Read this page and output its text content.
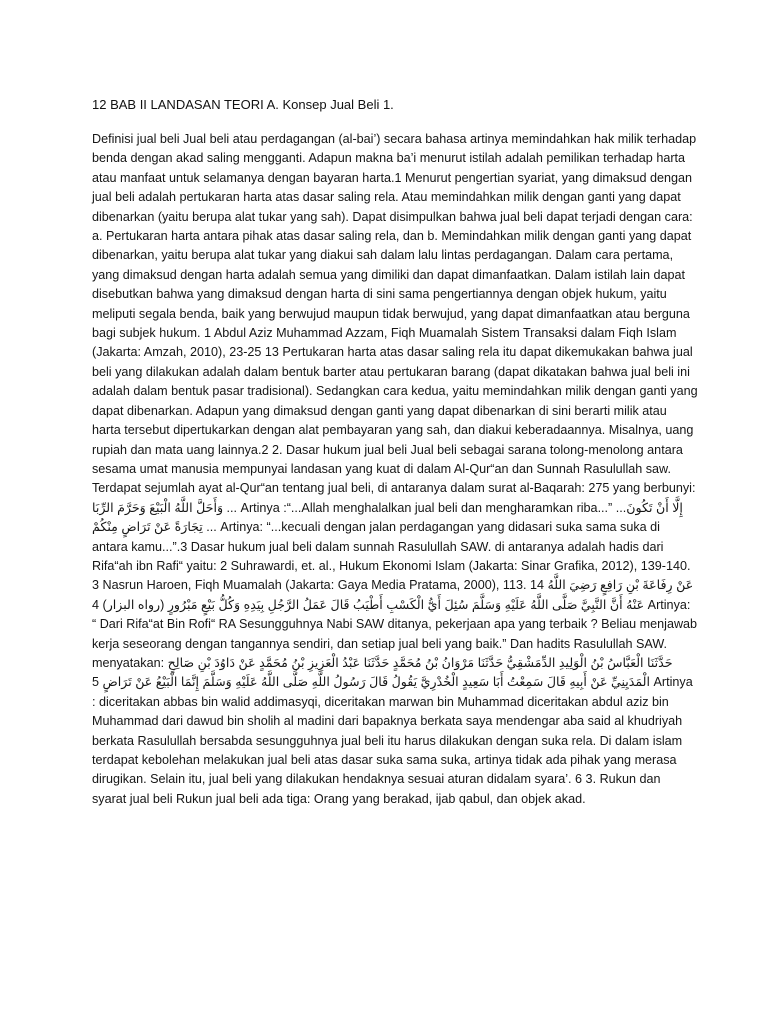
12 BAB II LANDASAN TEORI A. Konsep Jual Beli 1.

Definisi jual beli Jual beli atau perdagangan (al-bai’) secara bahasa artinya memindahkan hak milik terhadap benda dengan akad saling mengganti. Adapun makna ba’i menurut istilah adalah pemilikan terhadap harta atau manfaat untuk selamanya dengan bayaran harta.1 Menurut pengertian syariat, yang dimaksud dengan jual beli adalah pertukaran harta atas dasar saling rela. Atau memindahkan milik dengan ganti yang dapat dibenarkan (yaitu berupa alat tukar yang sah). Dapat disimpulkan bahwa jual beli dapat terjadi dengan cara: a. Pertukaran harta antara pihak atas dasar saling rela, dan b. Memindahkan milik dengan ganti yang dapat dibenarkan, yaitu berupa alat tukar yang diakui sah dalam lalu lintas perdagangan. Dalam cara pertama, yang dimaksud dengan harta adalah semua yang dimiliki dan dapat dimanfaatkan. Dalam istilah lain dapat disebutkan bahwa yang dimaksud dengan harta di sini sama pengertiannya dengan objek hukum, yaitu meliputi segala benda, baik yang berwujud maupun tidak berwujud, yang dapat dimanfaatkan atau berguna bagi subjek hukum. 1 Abdul Aziz Muhammad Azzam, Fiqh Muamalah Sistem Transaksi dalam Fiqh Islam (Jakarta: Amzah, 2010), 23-25 13 Pertukaran harta atas dasar saling rela itu dapat dikemukakan bahwa jual beli yang dilakukan adalah dalam bentuk barter atau pertukaran barang (dapat dikatakan bahwa jual beli ini adalah dalam bentuk pasar tradisional). Sedangkan cara kedua, yaitu memindahkan milik dengan ganti yang dapat dibenarkan. Adapun yang dimaksud dengan ganti yang dapat dibenarkan di sini berarti milik atau harta tersebut dipertukarkan dengan alat pembayaran yang sah, dan diakui keberadaannya. Misalnya, uang rupiah dan mata uang lainnya.2 2. Dasar hukum jual beli Jual beli sebagai sarana tolong-menolong antara sesama umat manusia mempunyai landasan yang kuat di dalam Al-Qur“an dan Sunnah Rasulullah saw. Terdapat sejumlah ayat al-Qur“an tentang jual beli, di antaranya dalam surat al-Baqarah: 275 yang berbunyi: ﻭَﺃَﺣَﻞَّ ﺍﻟﻠَّﻪُ ﺍﻟْﺒَﻴْﻊَ ﻭَﺣَﺮَّﻡَ ﺍﻟﺮِّﺑَﺎ ... Artinya :“...Allah menghalalkan jual beli dan mengharamkan riba...” ...ﺇِﻟَّﺎ ﺃَﻥْ ﺗَﻜُﻮﻥَ ﺗِﺠَﺎﺭَﺓً ﻋَﻦْ ﺗَﺮَﺍﺽٍ ﻣِﻨْﻜُﻢْ ... Artinya: “...kecuali dengan jalan perdagangan yang didasari suka sama suka di antara kamu...”.3 Dasar hukum jual beli dalam sunnah Rasulullah SAW. di antaranya adalah hadis dari Rifa“ah ibn Rafi“ yaitu: 2 Suhrawardi, et. al., Hukum Ekonomi Islam (Jakarta: Sinar Grafika, 2012), 139-140. 3 Nasrun Haroen, Fiqh Muamalah (Jakarta: Gaya Media Pratama, 2000), 113. 14 ﻋَﻦْ ﺭِﻓَﺎﻋَﺔَ ﺑْﻦِ ﺭَﺍﻓِﻊٍ ﺭَﺿِﻲَ ﺍﻟﻠَّﻪُ ﻋَﻨْﻪُ ﺃَﻥَّ ﺍﻟﻨَّﺒِﻲَّ ﺻَﻠَّﻰ ﺍﻟﻠَّﻪُ ﻋَﻠَﻴْﻪِ ﻭَﺳَﻠَّﻢَ ﺳُﺌِﻞَ ﺃَﻱُّ ﺍﻟْﻜَﺴْﺐِ ﺃَﻃْﻴَﺐُ ﻗَﺎﻝَ ﻋَﻤَﻞُ ﺍﻟﺮَّﺟُﻞِ ﺑِﻴَﺪِﻩِ ﻭَﻛُﻞُّ ﺑَﻴْﻊٍ ﻣَﺒْﺮُﻭﺭٍ (ﺭﻭﺍﻩ ﺍﻟﺒﺰﺍﺭ) 4 Artinya: “ Dari Rifa“at Bin Rofi“ RA Sesungguhnya Nabi SAW ditanya, pekerjaan apa yang terbaik ? Beliau menjawab kerja seseorang dengan tangannya sendiri, dan setiap jual beli yang baik.” Dan hadits Rasulullah SAW. menyatakan: ﺣَﺪَّﺛَﻨَﺎ ﺍﻟْﻌَﺒَّﺎﺱُ ﺑْﻦُ ﺍﻟْﻮَﻟِﻴﺪِ ﺍﻟﺪِّﻣَﺸْﻘِﻲُّ ﺣَﺪَّﺛَﻨَﺎ ﻣَﺮْﻭَﺍﻥُ ﺑْﻦُ ﻣُﺤَﻤَّﺪٍ ﺣَﺪَّﺛَﻨَﺎ ﻋَﺒْﺪُ ﺍﻟْﻌَﺰِﻳﺰِ ﺑْﻦُ ﻣُﺤَﻤَّﺪٍ ﻋَﻦْ ﺩَﺍﻭُﺩَ ﺑْﻦِ ﺻَﺎﻟِﺢٍ ﺍﻟْﻤَﺪَﻳِﻨِﻲِّ ﻋَﻦْ ﺃَﺑِﻴﻪِ ﻗَﺎﻝَ ﺳَﻤِﻌْﺖُ ﺃَﺑَﺎ ﺳَﻌِﻴﺪٍ ﺍﻟْﺨُﺪْﺭِﻱَّ ﻳَﻘُﻮﻝُ ﻗَﺎﻝَ ﺭَﺳُﻮﻝُ ﺍﻟﻠَّﻪِ ﺻَﻠَّﻰ ﺍﻟﻠَّﻪُ ﻋَﻠَﻴْﻪِ ﻭَﺳَﻠَّﻢَ ﺇِﻧَّﻤَﺎ ﺍﻟْﺒَﻴْﻊُ ﻋَﻦْ ﺗَﺮَﺍﺽٍ 5 Artinya : diceritakan abbas bin walid addimasyqi, diceritakan marwan bin Muhammad diceritakan abdul aziz bin Muhammad dari dawud bin sholih al madini dari bapaknya berkata saya mendengar aba said al khudriyah berkata Rasulullah bersabda sesungguhnya jual beli itu harus dilakukan dengan suka rela. Di dalam islam terdapat kebolehan melakukan jual beli atas dasar suka sama suka, artinya tidak ada pihak yang merasa dirugikan. Selain itu, jual beli yang dilakukan hendaknya sesuai aturan didalam syara’. 6 3. Rukun dan syarat jual beli Rukun jual beli ada tiga: Orang yang berakad, ijab qabul, dan objek akad.
